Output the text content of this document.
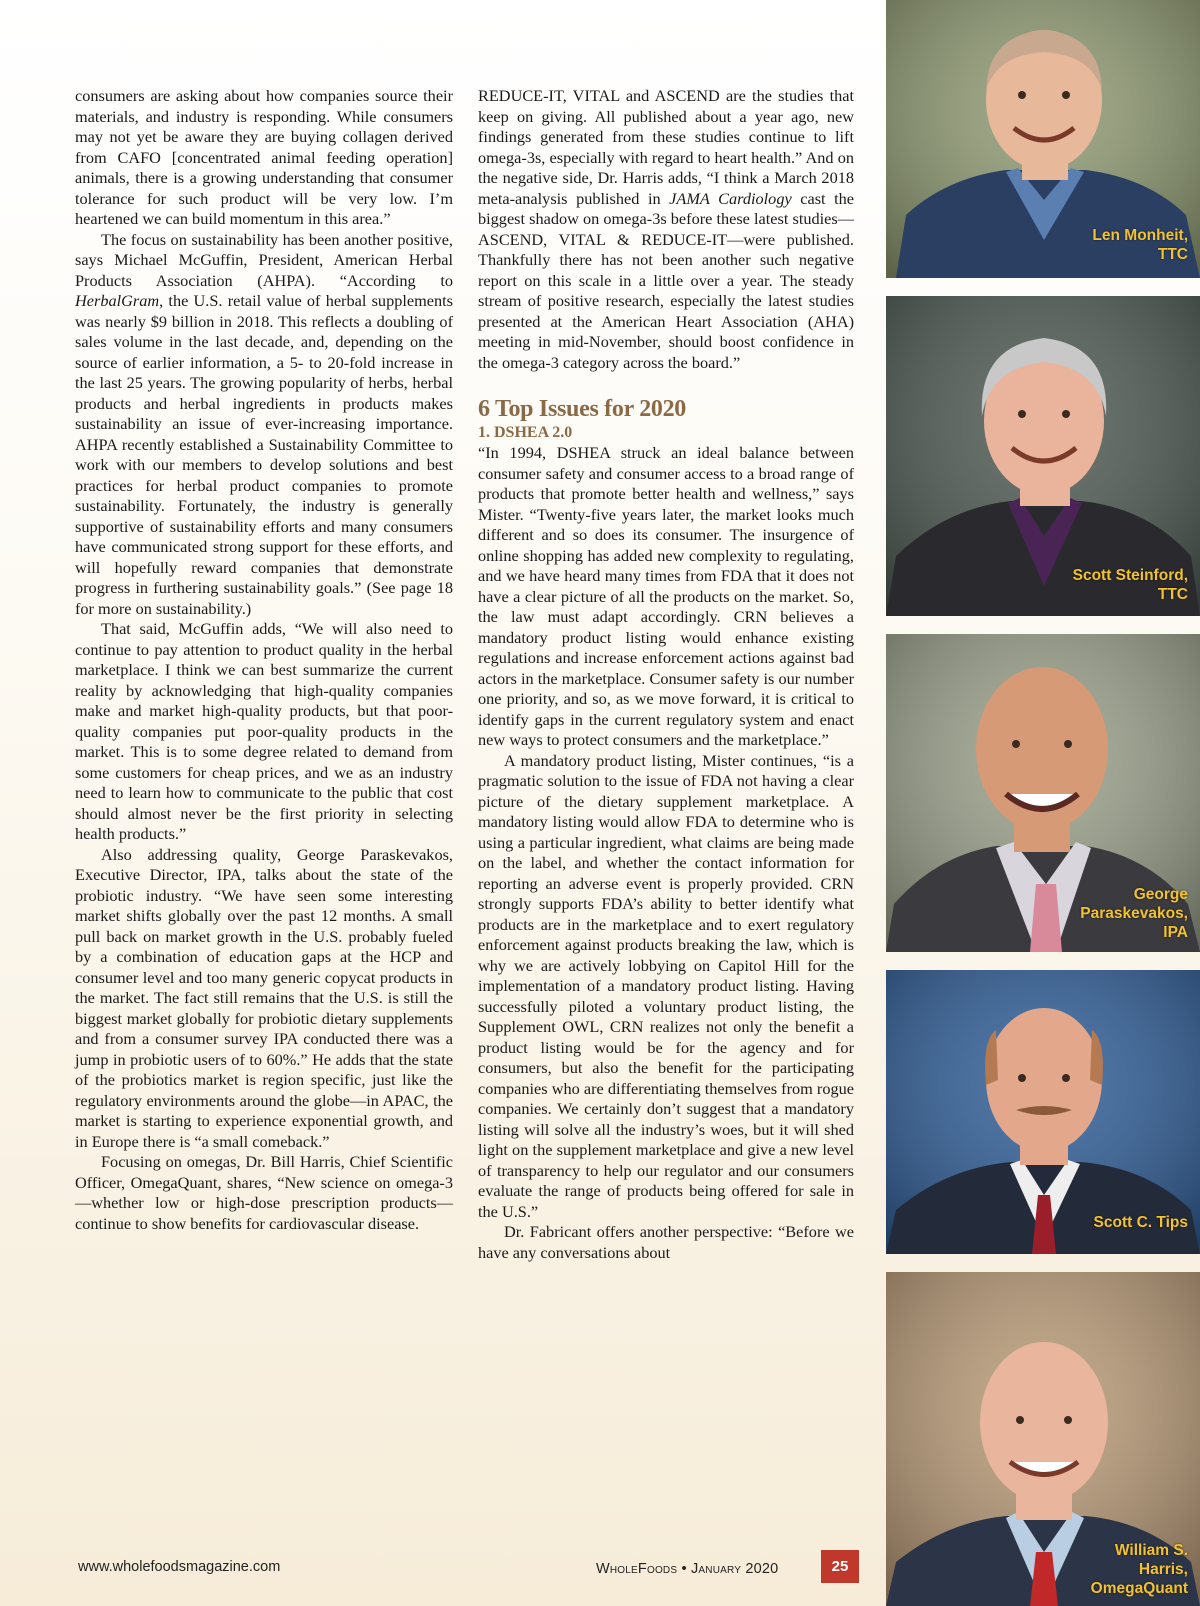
consumers are asking about how companies source their materials, and industry is responding. While consumers may not yet be aware they are buying collagen derived from CAFO [concentrated animal feeding operation] animals, there is a growing understanding that consumer tolerance for such product will be very low. I’m heartened we can build momentum in this area.”

The focus on sustainability has been another positive, says Michael McGuffin, President, American Herbal Products Association (AHPA). “According to HerbalGram, the U.S. retail value of herbal supplements was nearly $9 billion in 2018. This reflects a doubling of sales volume in the last decade, and, depending on the source of earlier information, a 5- to 20-fold increase in the last 25 years. The growing popularity of herbs, herbal products and herbal ingredients in products makes sustainability an issue of ever-increasing importance. AHPA recently established a Sustainability Committee to work with our members to develop solutions and best practices for herbal product companies to promote sustainability. Fortunately, the industry is generally supportive of sustainability efforts and many consumers have communicated strong support for these efforts, and will hopefully reward companies that demonstrate progress in furthering sustainability goals.” (See page 18 for more on sustainability.)

That said, McGuffin adds, “We will also need to continue to pay attention to product quality in the herbal marketplace. I think we can best summarize the current reality by acknowledging that high-quality companies make and market high-quality products, but that poor-quality companies put poor-quality products in the market. This is to some degree related to demand from some customers for cheap prices, and we as an industry need to learn how to communicate to the public that cost should almost never be the first priority in selecting health products.”

Also addressing quality, George Paraskevakos, Executive Director, IPA, talks about the state of the probiotic industry. “We have seen some interesting market shifts globally over the past 12 months. A small pull back on market growth in the U.S. probably fueled by a combination of education gaps at the HCP and consumer level and too many generic copycat products in the market. The fact still remains that the U.S. is still the biggest market globally for probiotic dietary supplements and from a consumer survey IPA conducted there was a jump in probiotic users of to 60%.” He adds that the state of the probiotics market is region specific, just like the regulatory environments around the globe—in APAC, the market is starting to experience exponential growth, and in Europe there is “a small comeback.”

Focusing on omegas, Dr. Bill Harris, Chief Scientific Officer, OmegaQuant, shares, “New science on omega-3—whether low or high-dose prescription products—continue to show benefits for cardiovascular disease.

REDUCE-IT, VITAL and ASCEND are the studies that keep on giving. All published about a year ago, new findings generated from these studies continue to lift omega-3s, especially with regard to heart health.” And on the negative side, Dr. Harris adds, “I think a March 2018 meta-analysis published in JAMA Cardiology cast the biggest shadow on omega-3s before these latest studies—ASCEND, VITAL & REDUCE-IT—were published. Thankfully there has not been another such negative report on this scale in a little over a year. The steady stream of positive research, especially the latest studies presented at the American Heart Association (AHA) meeting in mid-November, should boost confidence in the omega-3 category across the board.”

6 Top Issues for 2020
1. DSHEA 2.0

“In 1994, DSHEA struck an ideal balance between consumer safety and consumer access to a broad range of products that promote better health and wellness,” says Mister. “Twenty-five years later, the market looks much different and so does its consumer. The insurgence of online shopping has added new complexity to regulating, and we have heard many times from FDA that it does not have a clear picture of all the products on the market. So, the law must adapt accordingly. CRN believes a mandatory product listing would enhance existing regulations and increase enforcement actions against bad actors in the marketplace. Consumer safety is our number one priority, and so, as we move forward, it is critical to identify gaps in the current regulatory system and enact new ways to protect consumers and the marketplace.”

A mandatory product listing, Mister continues, “is a pragmatic solution to the issue of FDA not having a clear picture of the dietary supplement marketplace. A mandatory listing would allow FDA to determine who is using a particular ingredient, what claims are being made on the label, and whether the contact information for reporting an adverse event is properly provided. CRN strongly supports FDA’s ability to better identify what products are in the marketplace and to exert regulatory enforcement against products breaking the law, which is why we are actively lobbying on Capitol Hill for the implementation of a mandatory product listing. Having successfully piloted a voluntary product listing, the Supplement OWL, CRN realizes not only the benefit a product listing would be for the agency and for consumers, but also the benefit for the participating companies who are differentiating themselves from rogue companies. We certainly don’t suggest that a mandatory listing will solve all the industry’s woes, but it will shed light on the supplement marketplace and give a new level of transparency to help our regulator and our consumers evaluate the range of products being offered for sale in the U.S.”

Dr. Fabricant offers another perspective: “Before we have any conversations about

Len Monheit,
TTC
Scott Steinford,
TTC
George
Paraskevakos,
IPA
Scott C. Tips
William S.
Harris,
OmegaQuant
www.wholefoodsmagazine.com	WholeFoods • January 2020	25
